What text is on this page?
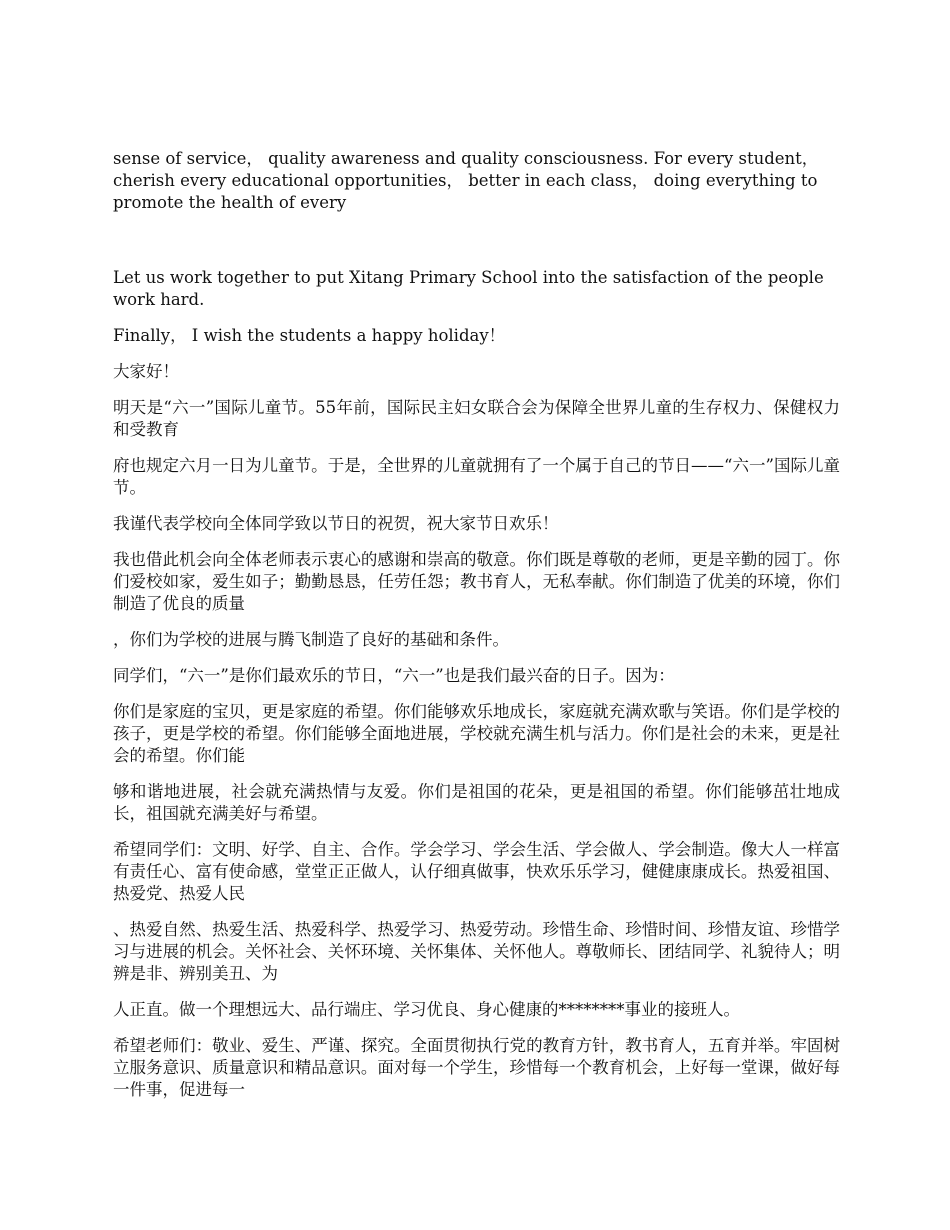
sense of service， quality awareness and quality consciousness. For every student，cherish every educational opportunities， better in each class， doing everything to promote the health of every

Let us work together to put Xitang Primary School into the satisfaction of the people work hard.

Finally， I wish the students a happy holiday！

大家好！

明天是“六一”国际儿童节。55年前，国际民主妇女联合会为保障全世界儿童的生存权力、保健权力和受教育

府也规定六月一日为儿童节。于是，全世界的儿童就拥有了一个属于自己的节日——“六一”国际儿童节。

我谨代表学校向全体同学致以节日的祝贺，祝大家节日欢乐！

我也借此机会向全体老师表示衷心的感谢和崇高的敬意。你们既是尊敬的老师，更是辛勤的园丁。你们爱校如家，爱生如子；勤勤恳恳，任劳任怨；教书育人，无私奉献。你们制造了优美的环境，你们制造了优良的质量

，你们为学校的进展与腾飞制造了良好的基础和条件。

同学们，“六一”是你们最欢乐的节日，“六一”也是我们最兴奋的日子。因为：

你们是家庭的宝贝，更是家庭的希望。你们能够欢乐地成长，家庭就充满欢歌与笑语。你们是学校的孩子，更是学校的希望。你们能够全面地进展，学校就充满生机与活力。你们是社会的未来，更是社会的希望。你们能

够和谐地进展，社会就充满热情与友爱。你们是祖国的花朵，更是祖国的希望。你们能够茁壮地成长，祖国就充满美好与希望。

希望同学们：文明、好学、自主、合作。学会学习、学会生活、学会做人、学会制造。像大人一样富有责任心、富有使命感，堂堂正正做人，认仔细真做事，快欢乐乐学习，健健康康成长。热爱祖国、热爱党、热爱人民

、热爱自然、热爱生活、热爱科学、热爱学习、热爱劳动。珍惜生命、珍惜时间、珍惜友谊、珍惜学习与进展的机会。关怀社会、关怀环境、关怀集体、关怀他人。尊敬师长、团结同学、礼貌待人；明辨是非、辨别美丑、为

人正直。做一个理想远大、品行端庄、学习优良、身心健康的********事业的接班人。

希望老师们：敬业、爱生、严谨、探究。全面贯彻执行党的教育方针，教书育人，五育并举。牢固树立服务意识、质量意识和精品意识。面对每一个学生，珍惜每一个教育机会，上好每一堂课，做好每一件事，促进每一
